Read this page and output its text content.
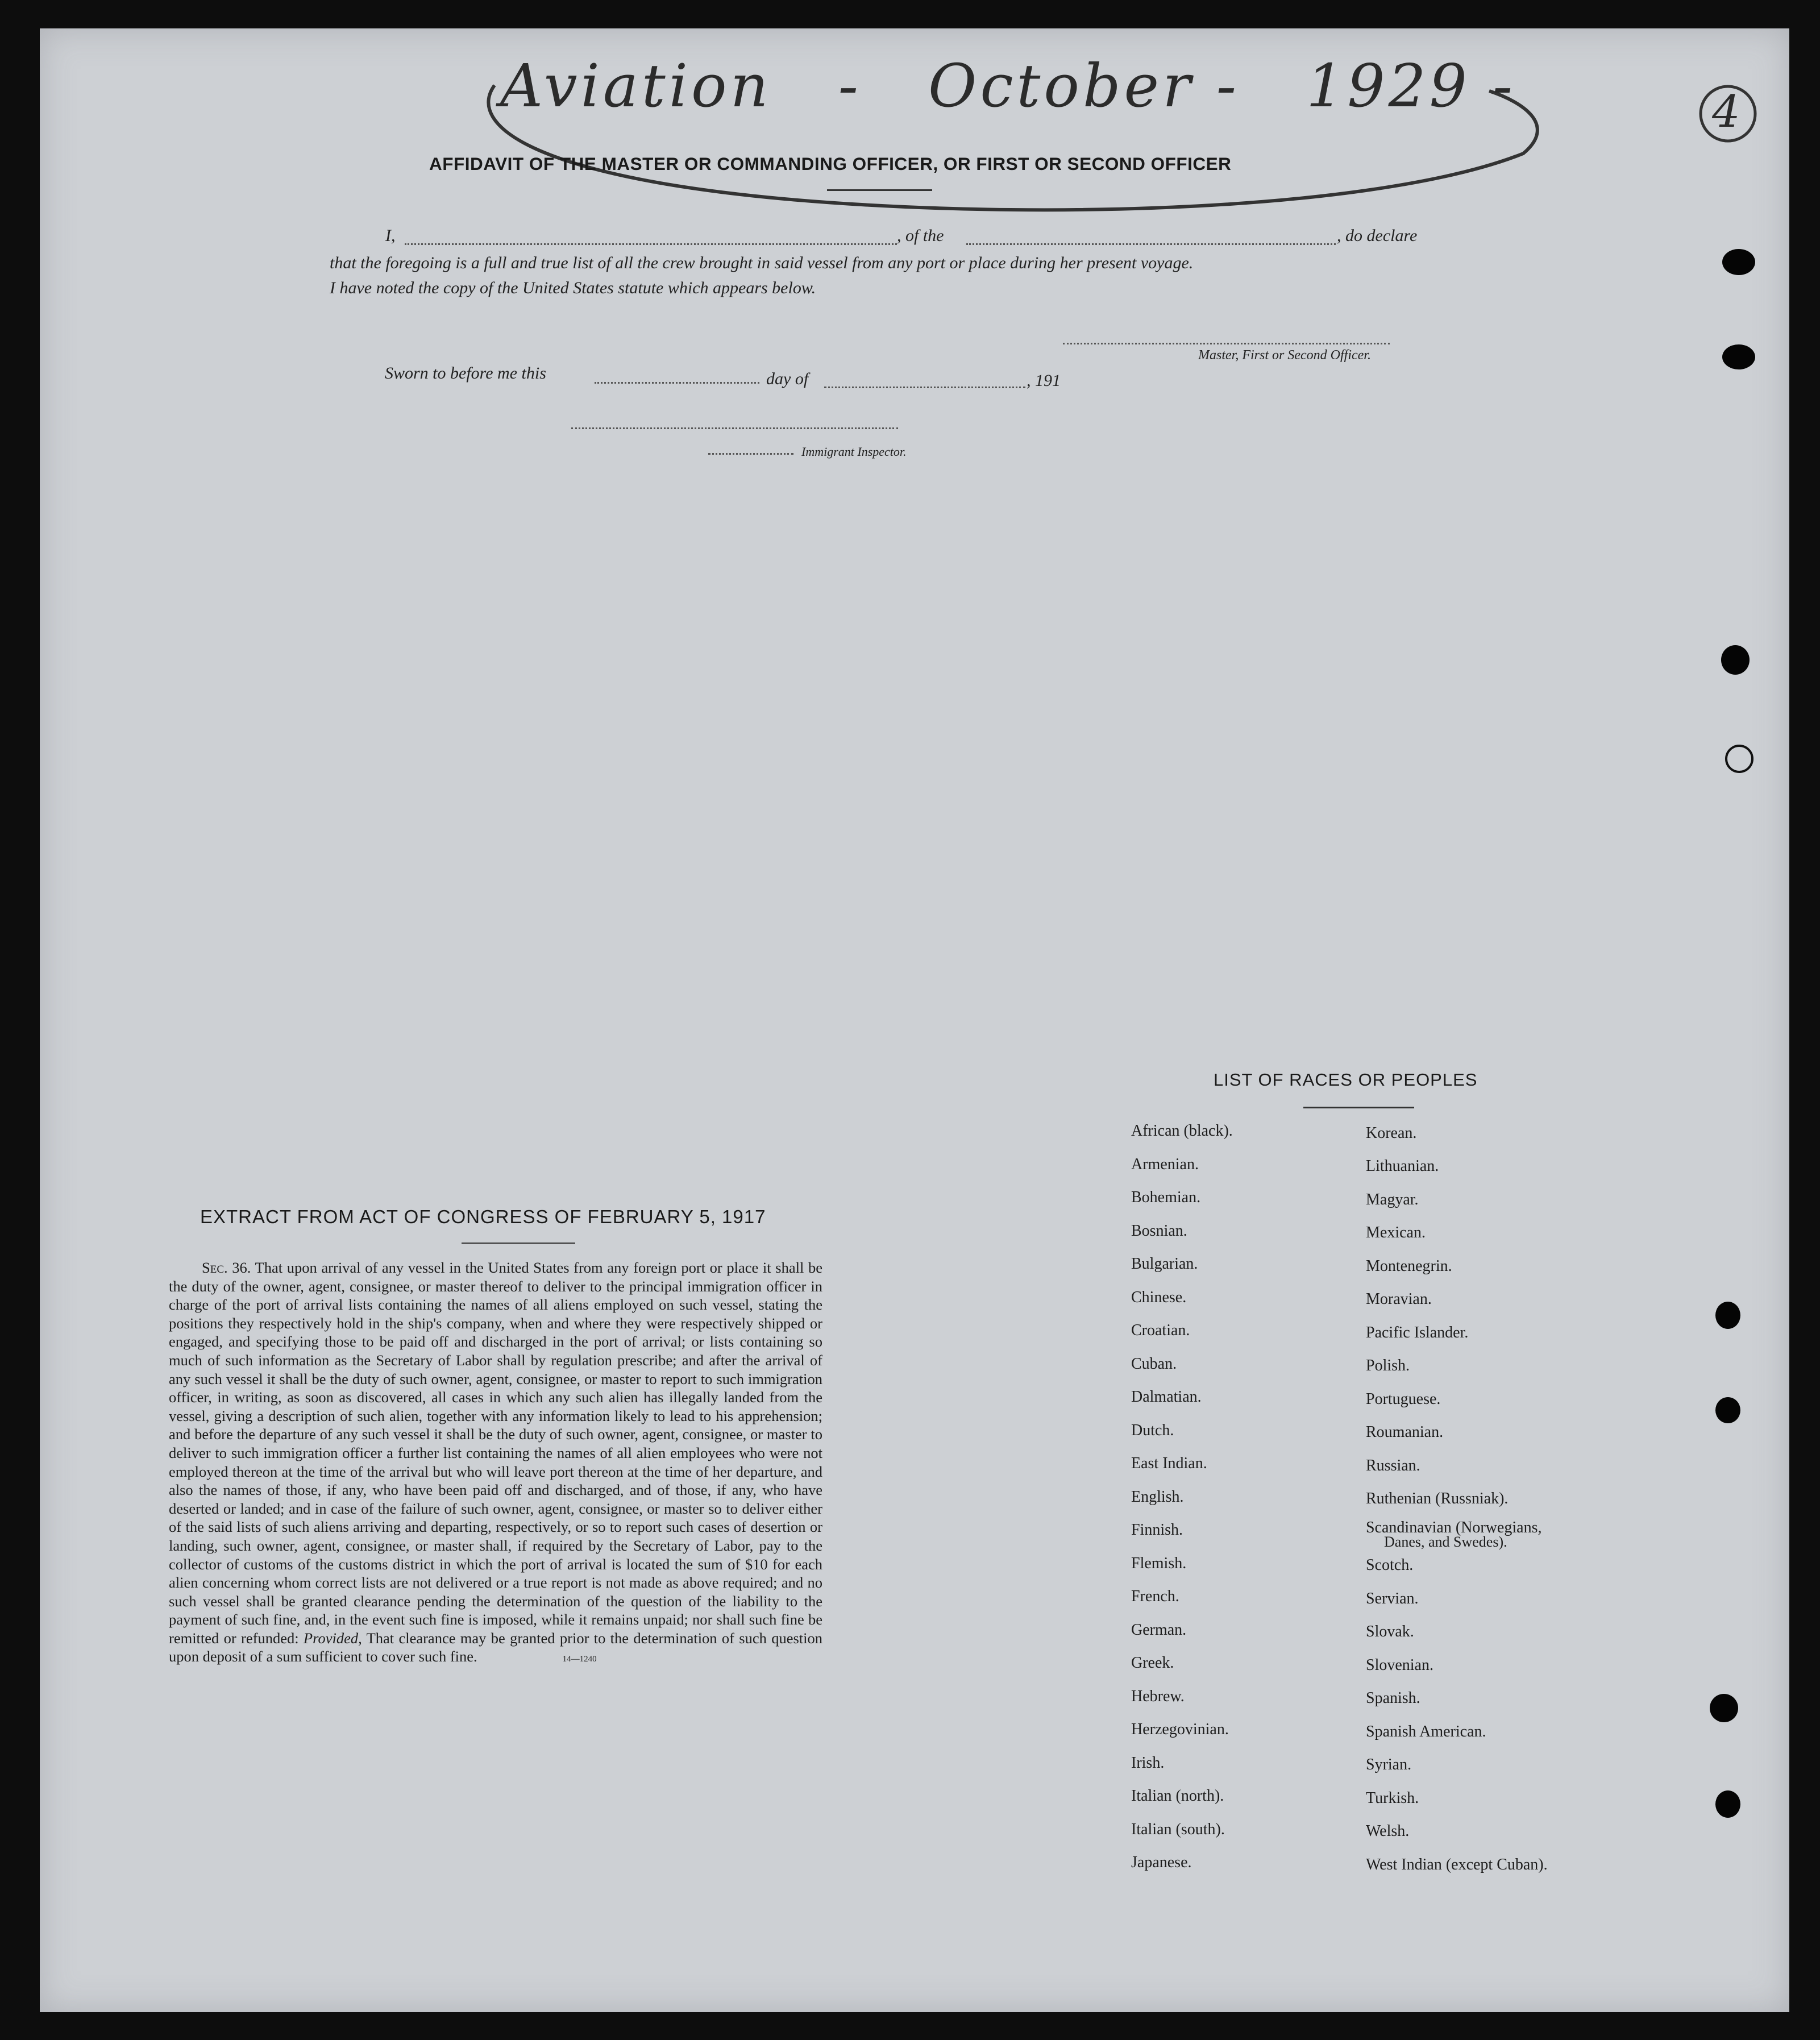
Aviation   -   October -   1929 -	4
AFFIDAVIT OF THE MASTER OR COMMANDING OFFICER, OR FIRST OR SECOND OFFICER
I,	, of the	, do declare
that the foregoing is a full and true list of all the crew brought in said vessel from any port or place during her present voyage.
I have noted the copy of the United States statute which appears below.
Master, First or Second Officer.
Sworn to before me this	day of	, 191
Immigrant Inspector.
EXTRACT FROM ACT OF CONGRESS OF FEBRUARY 5, 1917
Sec. 36. That upon arrival of any vessel in the United States from any foreign port or place it shall be the duty of the owner, agent, consignee, or master thereof to deliver to the principal immigration officer in charge of the port of arrival lists containing the names of all aliens employed on such vessel, stating the positions they respectively hold in the ship's company, when and where they were respectively shipped or engaged, and specifying those to be paid off and discharged in the port of arrival; or lists containing so much of such information as the Secretary of Labor shall by regulation prescribe; and after the arrival of any such vessel it shall be the duty of such owner, agent, consignee, or master to report to such immigration officer, in writing, as soon as discovered, all cases in which any such alien has illegally landed from the vessel, giving a description of such alien, together with any information likely to lead to his apprehension; and before the departure of any such vessel it shall be the duty of such owner, agent, consignee, or master to deliver to such immigration officer a further list containing the names of all alien employees who were not employed thereon at the time of the arrival but who will leave port thereon at the time of her departure, and also the names of those, if any, who have been paid off and discharged, and of those, if any, who have deserted or landed; and in case of the failure of such owner, agent, consignee, or master so to deliver either of the said lists of such aliens arriving and departing, respectively, or so to report such cases of desertion or landing, such owner, agent, consignee, or master shall, if required by the Secretary of Labor, pay to the collector of customs of the customs district in which the port of arrival is located the sum of $10 for each alien concerning whom correct lists are not delivered or a true report is not made as above required; and no such vessel shall be granted clearance pending the determination of the question of the liability to the payment of such fine, and, in the event such fine is imposed, while it remains unpaid; nor shall such fine be remitted or refunded: Provided, That clearance may be granted prior to the determination of such question upon deposit of a sum sufficient to cover such fine.	14—1240
LIST OF RACES OR PEOPLES
African (black).
Armenian.
Bohemian.
Bosnian.
Bulgarian.
Chinese.
Croatian.
Cuban.
Dalmatian.
Dutch.
East Indian.
English.
Finnish.
Flemish.
French.
German.
Greek.
Hebrew.
Herzegovinian.
Irish.
Italian (north).
Italian (south).
Japanese.
Korean.
Lithuanian.
Magyar.
Mexican.
Montenegrin.
Moravian.
Pacific Islander.
Polish.
Portuguese.
Roumanian.
Russian.
Ruthenian (Russniak).
Scandinavian (Norwegians,
Danes, and Swedes).
Scotch.
Servian.
Slovak.
Slovenian.
Spanish.
Spanish American.
Syrian.
Turkish.
Welsh.
West Indian (except Cuban).
